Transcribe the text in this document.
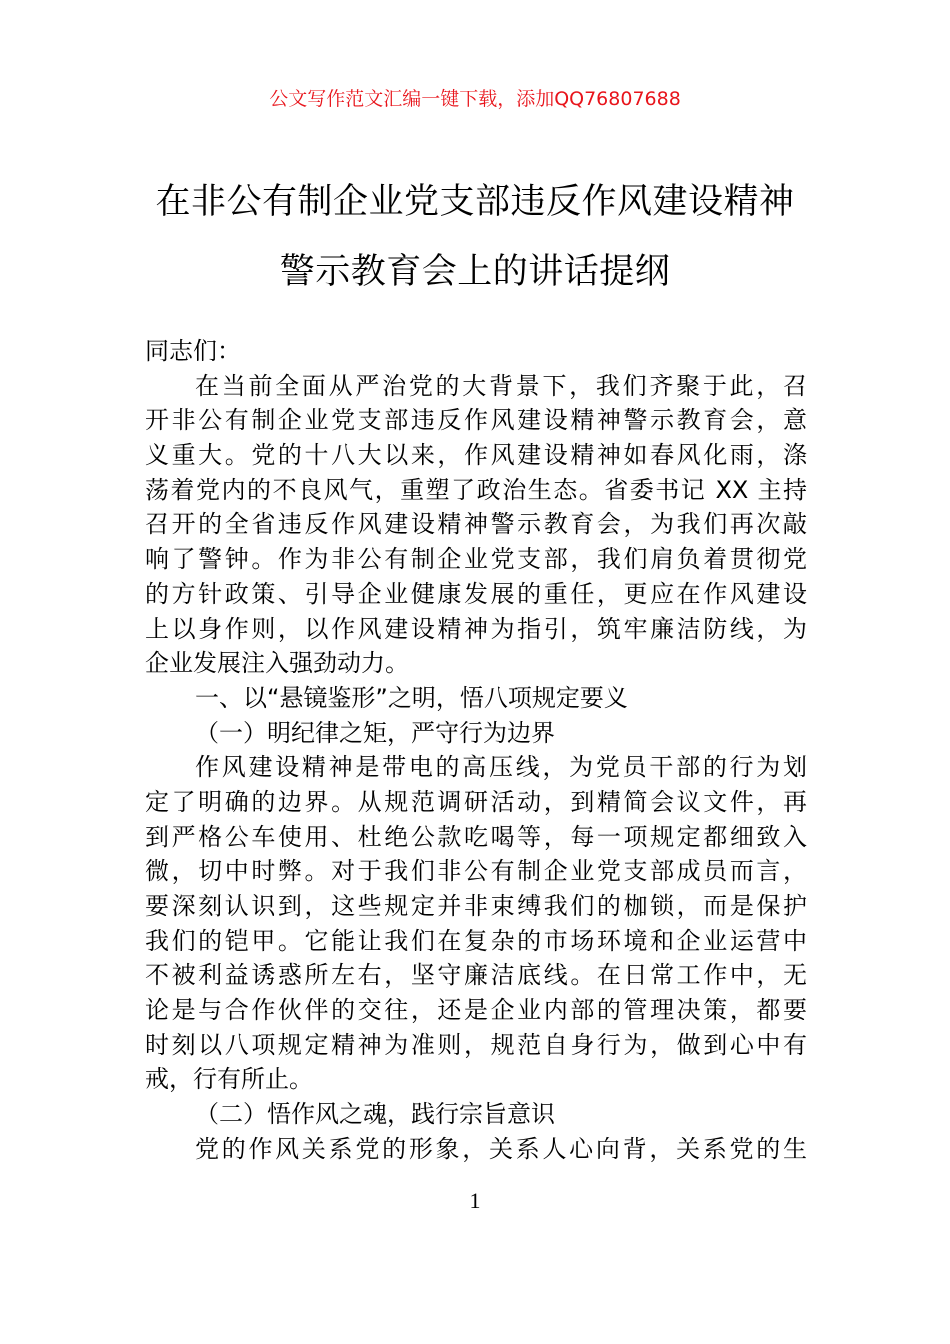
公文写作范文汇编一键下载，添加QQ76807688
在非公有制企业党支部违反作风建设精神
警示教育会上的讲话提纲
同志们：
在当前全面从严治党的大背景下，我们齐聚于此，召
开非公有制企业党支部违反作风建设精神警示教育会，意
义重大。党的十八大以来，作风建设精神如春风化雨，涤
荡着党内的不良风气，重塑了政治生态。省委书记 XX 主持
召开的全省违反作风建设精神警示教育会，为我们再次敲
响了警钟。作为非公有制企业党支部，我们肩负着贯彻党
的方针政策、引导企业健康发展的重任，更应在作风建设
上以身作则，以作风建设精神为指引，筑牢廉洁防线，为
企业发展注入强劲动力。
一、以“悬镜鉴形”之明，悟八项规定要义
（一）明纪律之矩，严守行为边界
作风建设精神是带电的高压线，为党员干部的行为划
定了明确的边界。从规范调研活动，到精简会议文件，再
到严格公车使用、杜绝公款吃喝等，每一项规定都细致入
微，切中时弊。对于我们非公有制企业党支部成员而言，
要深刻认识到，这些规定并非束缚我们的枷锁，而是保护
我们的铠甲。它能让我们在复杂的市场环境和企业运营中
不被利益诱惑所左右，坚守廉洁底线。在日常工作中，无
论是与合作伙伴的交往，还是企业内部的管理决策，都要
时刻以八项规定精神为准则，规范自身行为，做到心中有
戒，行有所止。
（二）悟作风之魂，践行宗旨意识
党的作风关系党的形象，关系人心向背，关系党的生
1
